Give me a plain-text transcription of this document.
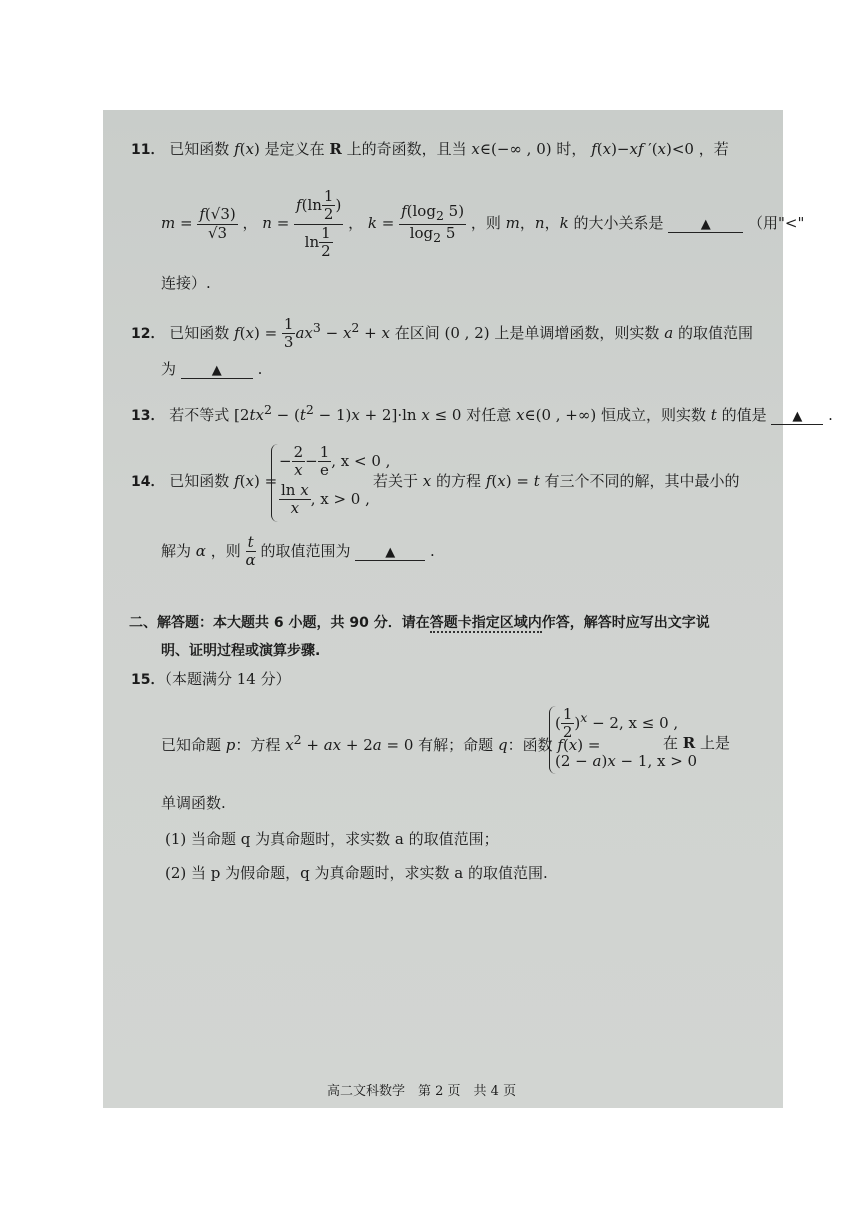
11． 已知函数 f(x) 是定义在 R 上的奇函数，且当 x∈(−∞ , 0) 时， f(x)−xf ′(x)<0 ，若
$m = \frac{f(√3)}{√3}$ ， $n = \frac{f(\ln \frac{1}{2} )}{\ln \frac{1}{2}}$ ， $k = \frac{f(\log_2 5)}{\log_2 5}$ ，则 m，n，k 的大小关系是	▲ （用"<"
连接）.
12． 已知函数 $f(x) = \frac{1}{3} ax^3 - x^2 + x$ 在区间 (0 , 2) 上是单调增函数，则实数 a 的取值范围
为	▲ .
13． 若不等式 $[2tx^2 - (t^2 - 1)x + 2]\cdot\ln$ x ≤ 0 对任意 x∈(0 , +∞) 恒成立，则实数 t 的值是 ▲ .
14． 已知函数 f(x) =
− $\frac{2}{x} - \frac{1}{e}$ , x < 0 ,
$\frac{\text{ln x}}{x}$ , x > 0 ,
若关于 x 的方程 f(x) = t 有三个不同的解，其中最小的
解为 α ，则 $\frac{t}{\alpha}$ 的取值范围为	▲ .
二、解答题：本大题共 6 小题，共 90 分．请在答题卡指定区域内作答，解答时应写出文字说
明、证明过程或演算步骤.
15．（本题满分 14 分）
已知命题 p：方程 $x^2$ + ax + 2a = 0 有解；命题 q：函数 f(x) =
( $\frac{1}{2} )^x - 2$, x ≤ 0 ,
(2 − a)x − 1, x > 0
在 R 上是
单调函数.
(1) 当命题 q 为真命题时，求实数 a 的取值范围；
(2) 当 p 为假命题，q 为真命题时，求实数 a 的取值范围.
高二文科数学　第 2 页　共 4 页
